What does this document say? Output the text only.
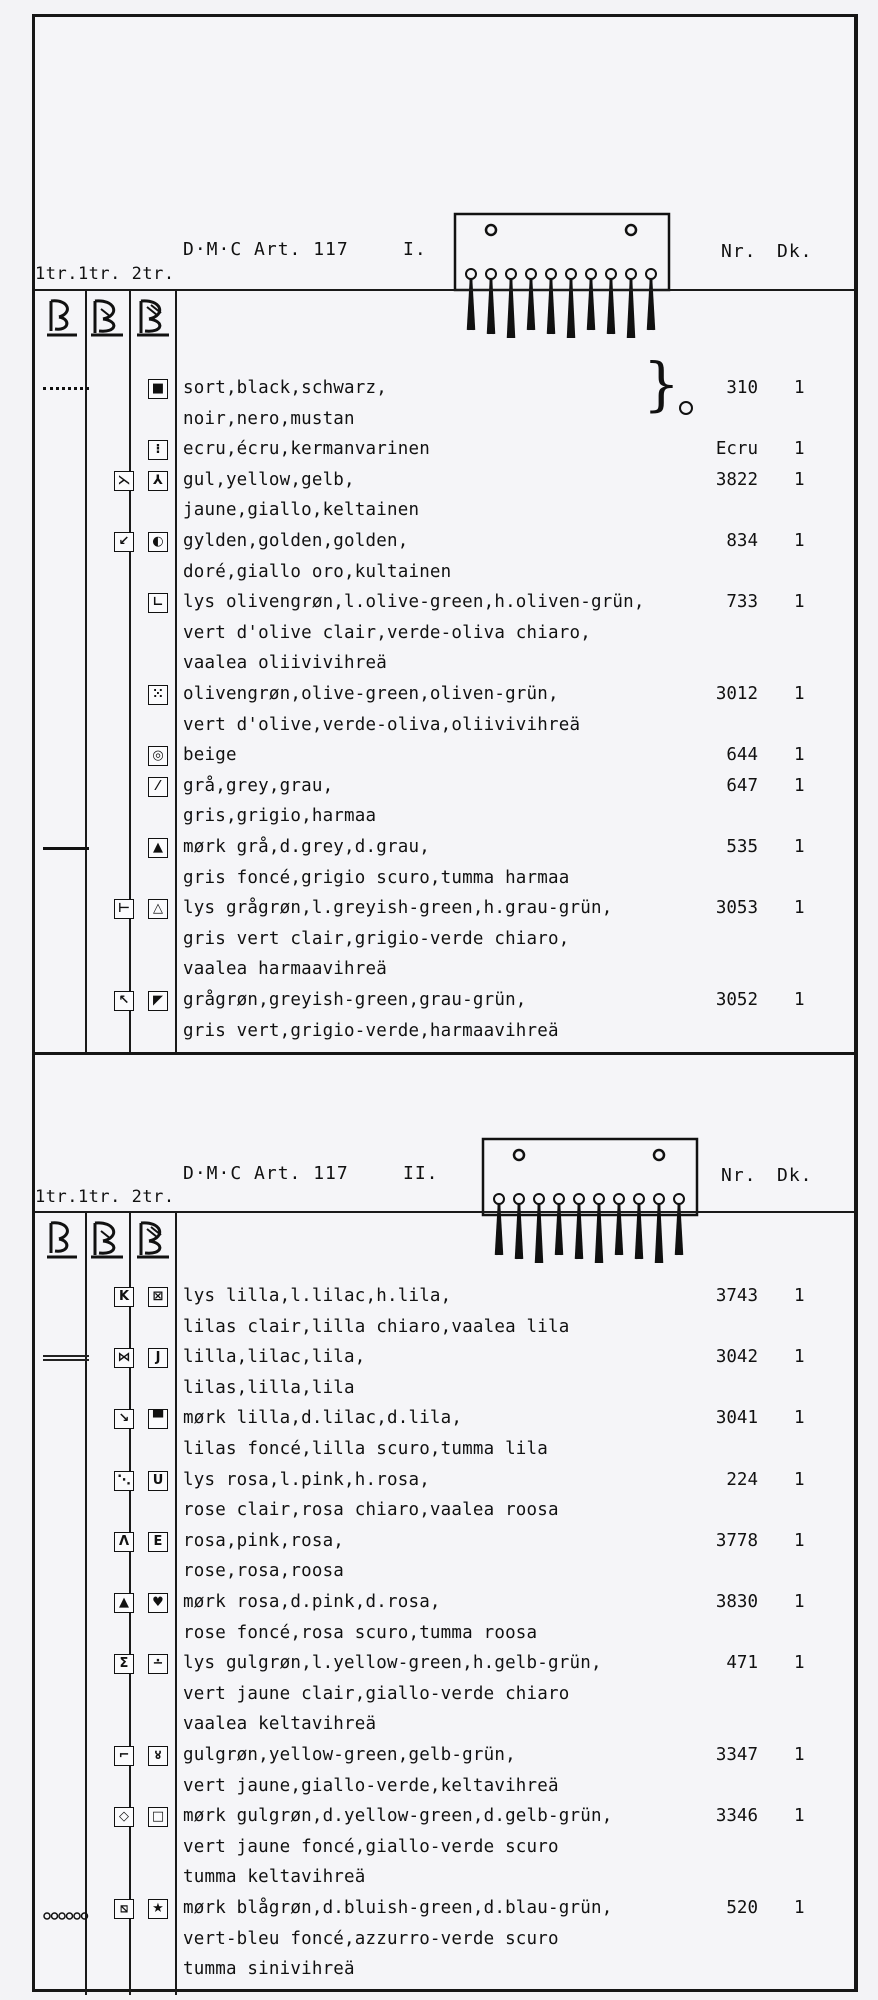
D·M·C Art. 117	I.	Nr. Dk.
1tr.1tr. 2tr.
}
■ sort,black,schwarz,	310 1
noir,nero,mustan
⁝	ecru,écru,kermanvarinen	Ecru 1
⋋	⅄ gul,yellow,gelb,	3822 1
jaune,giallo,keltainen
↙	◐ gylden,golden,golden,	834 1
doré,giallo oro,kultainen
∟ lys olivengrøn,l.olive-green,h.oliven-grün,	733 1
vert d'olive clair,verde-oliva chiaro,
vaalea oliivivihreä
⁙ olivengrøn,olive-green,oliven-grün,	3012 1
vert d'olive,verde-oliva,oliivivihreä
◎ beige	644 1
⁄	grå,grey,grau,	647 1
gris,grigio,harmaa
▲ mørk grå,d.grey,d.grau,	535 1
gris foncé,grigio scuro,tumma harmaa
⊢	△ lys grågrøn,l.greyish-green,h.grau-grün,	3053 1
gris vert clair,grigio-verde chiaro,
vaalea harmaavihreä
↖	◤ grågrøn,greyish-green,grau-grün,	3052 1
gris vert,grigio-verde,harmaavihreä
D·M·C Art. 117	II.	Nr. Dk.
1tr.1tr. 2tr.
K	⊠ lys lilla,l.lilac,h.lila,	3743 1
lilas clair,lilla chiaro,vaalea lila
⋈	J	lilla,lilac,lila,	3042 1
lilas,lilla,lila
↘	▀ mørk lilla,d.lilac,d.lila,	3041 1
lilas foncé,lilla scuro,tumma lila
⋱	U lys rosa,l.pink,h.rosa,	224 1
rose clair,rosa chiaro,vaalea roosa
Λ	E	rosa,pink,rosa,	3778 1
rose,rosa,roosa
▲	♥ mørk rosa,d.pink,d.rosa,	3830 1
rose foncé,rosa scuro,tumma roosa
Σ	∸ lys gulgrøn,l.yellow-green,h.gelb-grün,	471 1
vert jaune clair,giallo-verde chiaro
vaalea keltavihreä
⌐	४	gulgrøn,yellow-green,gelb-grün,	3347 1
vert jaune,giallo-verde,keltavihreä
◇	□ mørk gulgrøn,d.yellow-green,d.gelb-grün,	3346 1
vert jaune foncé,giallo-verde scuro
tumma keltavihreä
⧅	★ mørk blågrøn,d.bluish-green,d.blau-grün,	520 1
vert-bleu foncé,azzurro-verde scuro
tumma sinivihreä
